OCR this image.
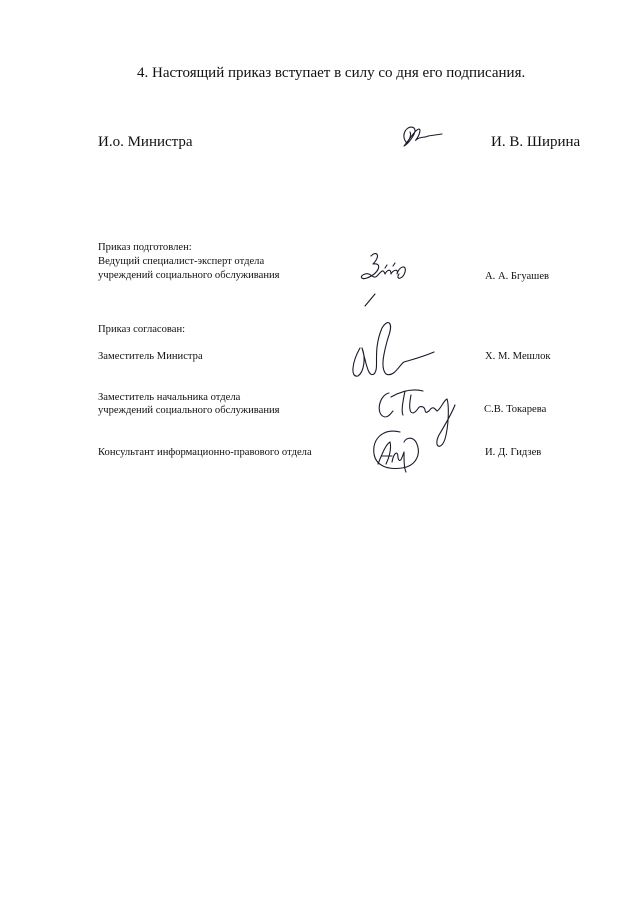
4. Настоящий приказ вступает в силу со дня его подписания.
И.о. Министра	И. В. Ширина
Приказ подготовлен:
Ведущий специалист-эксперт отдела
учреждений социального обслуживания	А. А. Бгуашев
Приказ согласован:
Заместитель Министра	Х. М. Мешлок
Заместитель начальника отдела
учреждений социального обслуживания	С.В. Токарева
Консультант информационно-правового отдела	И. Д. Гидзев
